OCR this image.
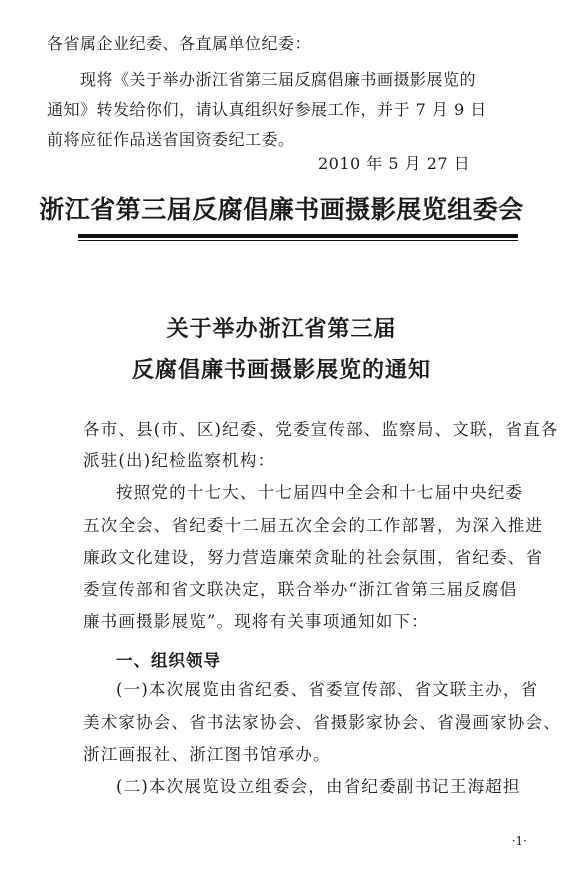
各省属企业纪委、各直属单位纪委：
现将《关于举办浙江省第三届反腐倡廉书画摄影展览的
通知》转发给你们，请认真组织好参展工作，并于 7 月 9 日
前将应征作品送省国资委纪工委。
2010 年 5 月 27 日
浙江省第三届反腐倡廉书画摄影展览组委会
关于举办浙江省第三届
反腐倡廉书画摄影展览的通知
各市、县(市、区)纪委、党委宣传部、监察局、文联，省直各
派驻(出)纪检监察机构：
按照党的十七大、十七届四中全会和十七届中央纪委
五次全会、省纪委十二届五次全会的工作部署，为深入推进
廉政文化建设，努力营造廉荣贪耻的社会氛围，省纪委、省
委宣传部和省文联决定，联合举办“浙江省第三届反腐倡
廉书画摄影展览”。现将有关事项通知如下：
一、组织领导
(一)本次展览由省纪委、省委宣传部、省文联主办，省
美术家协会、省书法家协会、省摄影家协会、省漫画家协会、
浙江画报社、浙江图书馆承办。
(二)本次展览设立组委会，由省纪委副书记王海超担
·1·
